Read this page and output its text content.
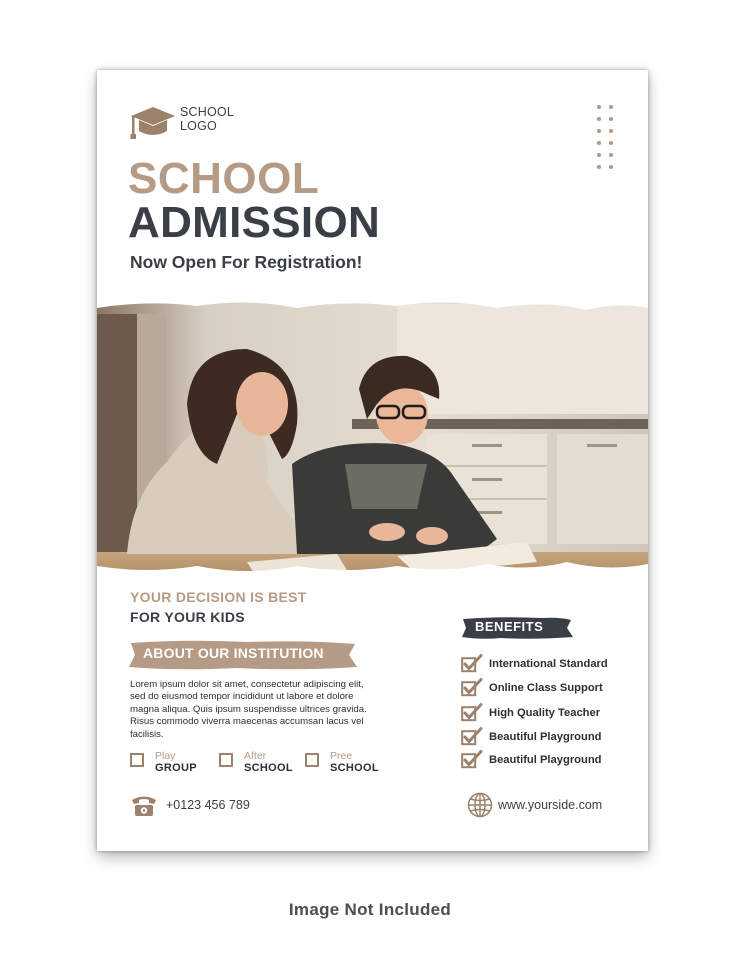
SCHOOL
LOGO
SCHOOL
ADMISSION
Now Open For Registration!
YOUR DECISION IS BEST
FOR YOUR KIDS
ABOUT OUR INSTITUTION
Lorem ipsum dolor sit amet, consectetur adipiscing elit, sed do eiusmod tempor incididunt ut labore et dolore magna aliqua. Quis ipsum suspendisse ultrices gravida. Risus commodo viverra maecenas accumsan lacus vel facilisis.
Play
GROUP
After
SCHOOL
Pree
SCHOOL
+0123 456 789
BENEFITS
International Standard
Online Class Support
High Quality Teacher
Beautiful Playground
Beautiful Playground
www.yourside.com
Image Not Included
